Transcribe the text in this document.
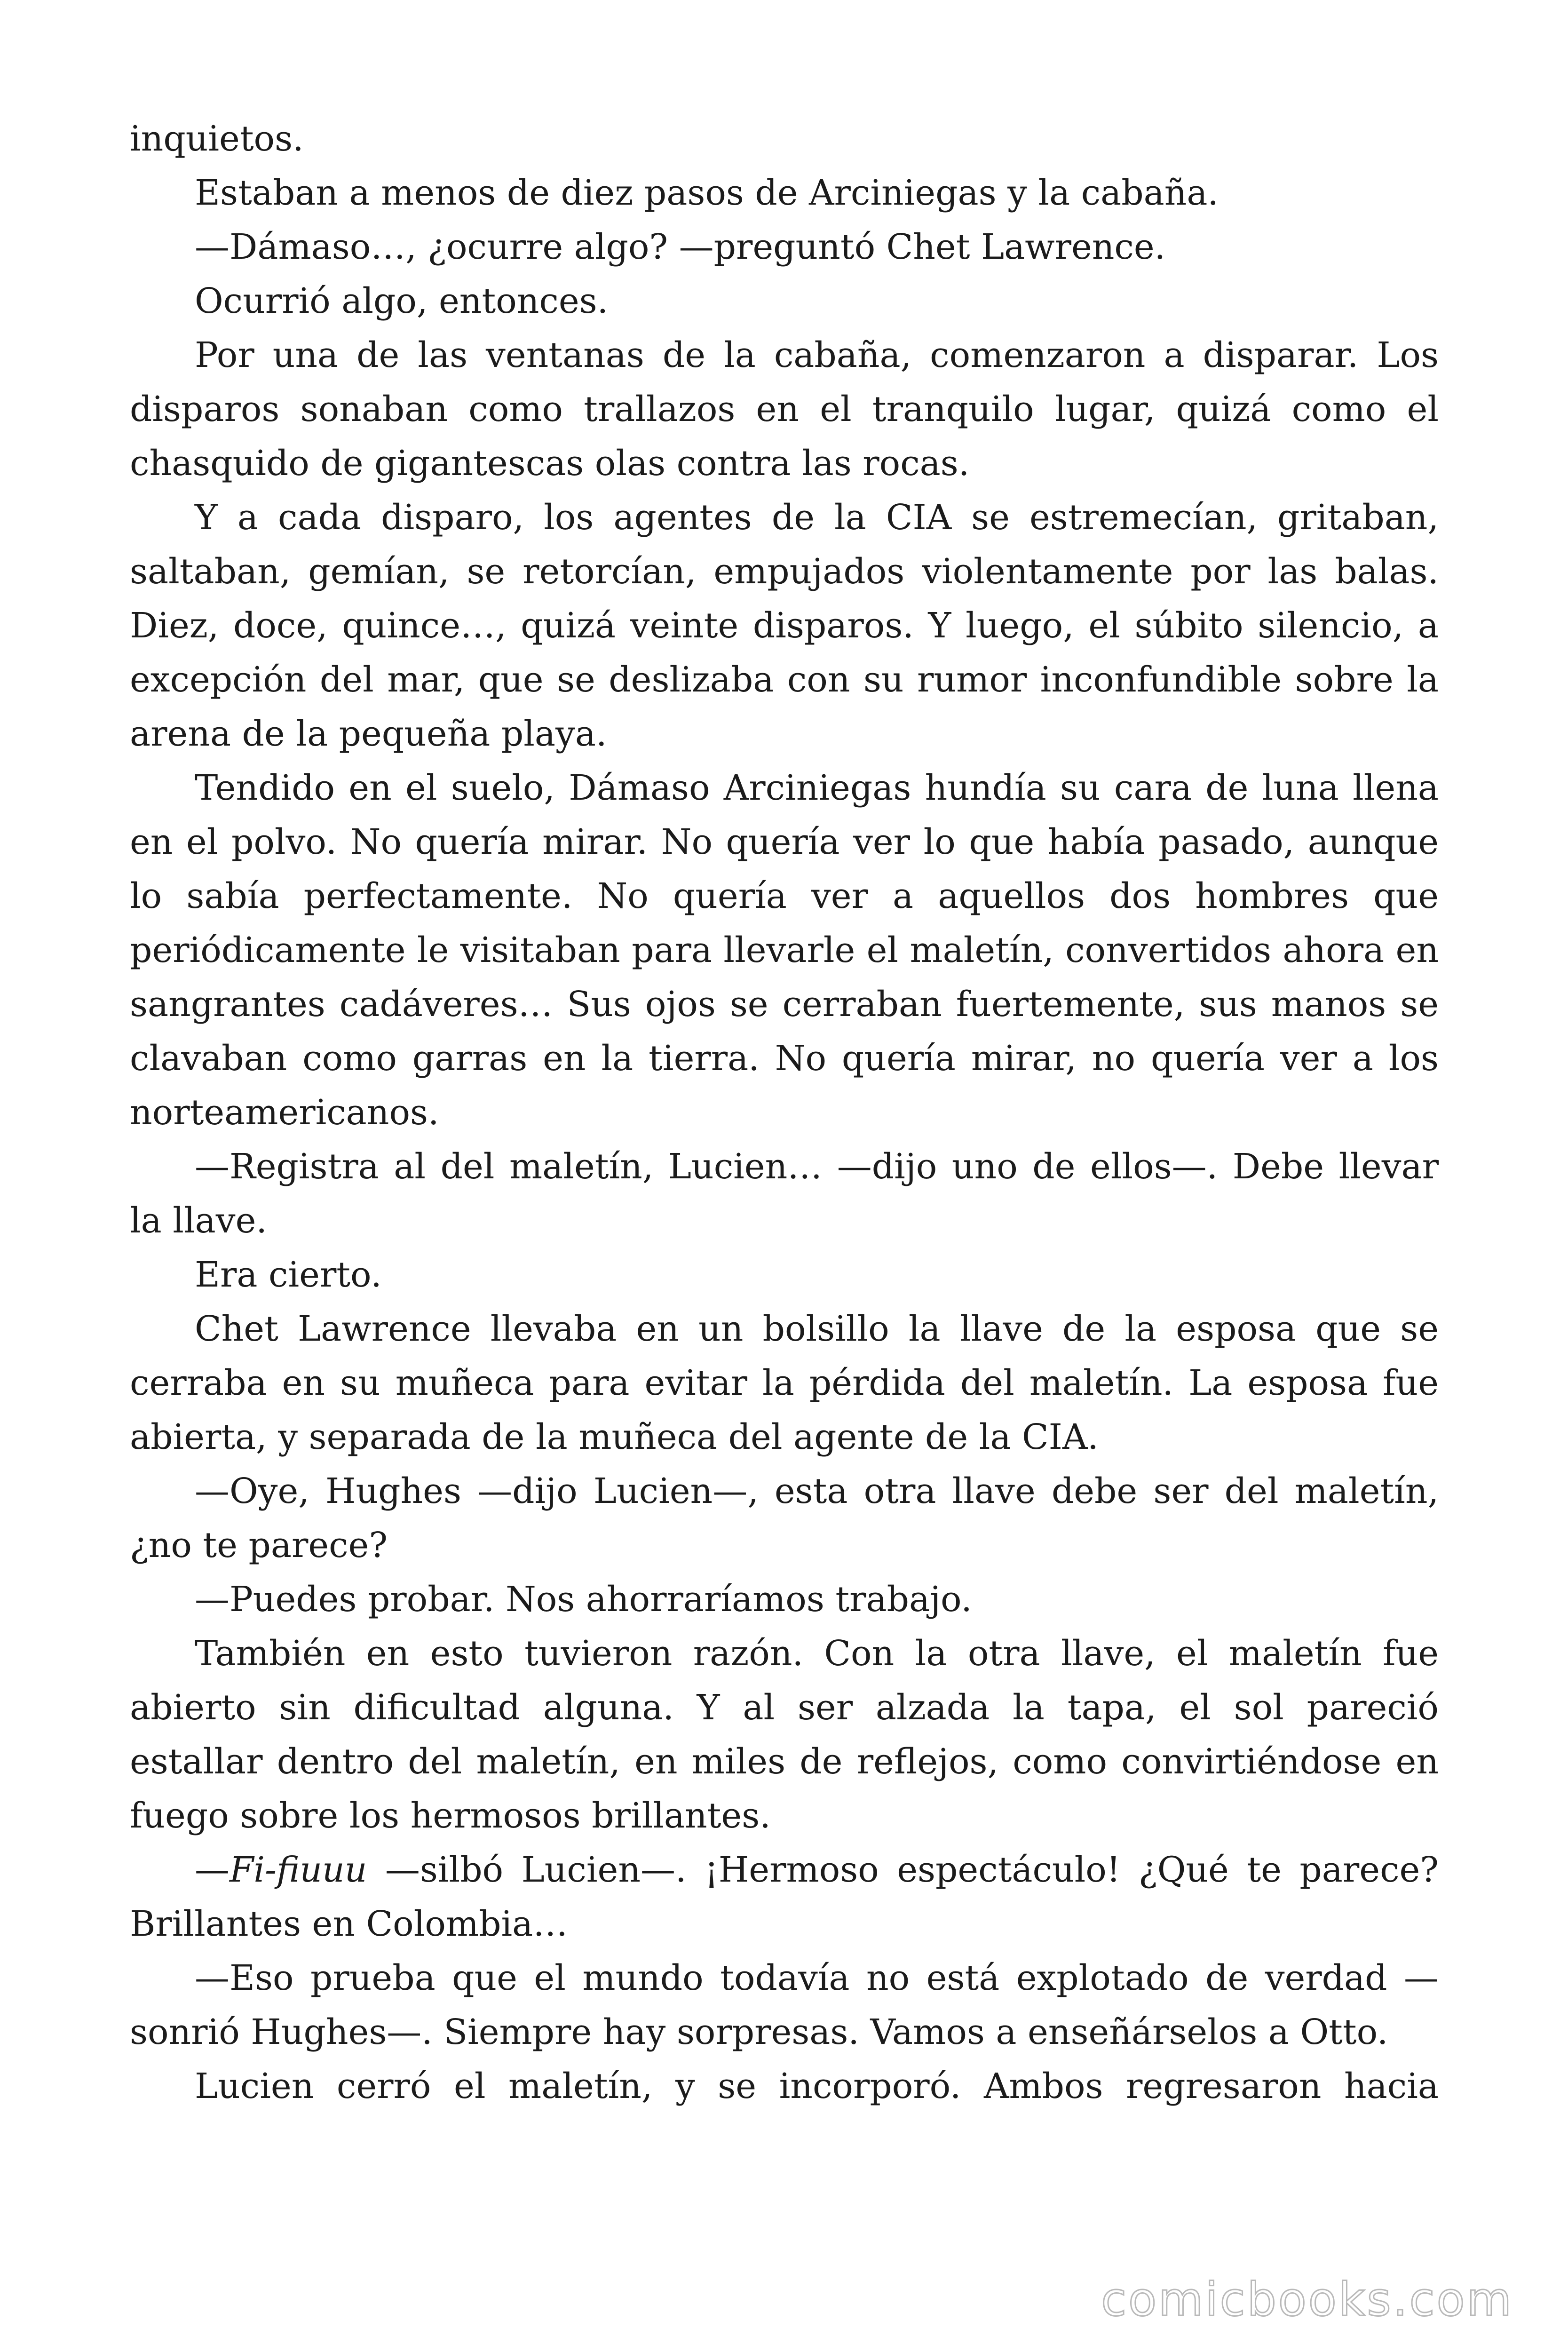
inquietos.

Estaban a menos de diez pasos de Arciniegas y la cabaña.

—Dámaso…, ¿ocurre algo? —preguntó Chet Lawrence.

Ocurrió algo, entonces.

Por una de las ventanas de la cabaña, comenzaron a disparar. Los disparos sonaban como trallazos en el tranquilo lugar, quizá como el chasquido de gigantescas olas contra las rocas.

Y a cada disparo, los agentes de la CIA se estremecían, gritaban, saltaban, gemían, se retorcían, empujados violentamente por las balas. Diez, doce, quince…, quizá veinte disparos. Y luego, el súbito silencio, a excepción del mar, que se deslizaba con su rumor inconfundible sobre la arena de la pequeña playa.

Tendido en el suelo, Dámaso Arciniegas hundía su cara de luna llena en el polvo. No quería mirar. No quería ver lo que había pasado, aunque lo sabía perfectamente. No quería ver a aquellos dos hombres que periódicamente le visitaban para llevarle el maletín, convertidos ahora en sangrantes cadáveres… Sus ojos se cerraban fuertemente, sus manos se clavaban como garras en la tierra. No quería mirar, no quería ver a los norteamericanos.

—Registra al del maletín, Lucien… —dijo uno de ellos—. Debe llevar la llave.

Era cierto.

Chet Lawrence llevaba en un bolsillo la llave de la esposa que se cerraba en su muñeca para evitar la pérdida del maletín. La esposa fue abierta, y separada de la muñeca del agente de la CIA.

—Oye, Hughes —dijo Lucien—, esta otra llave debe ser del maletín, ¿no te parece?

—Puedes probar. Nos ahorraríamos trabajo.

También en esto tuvieron razón. Con la otra llave, el maletín fue abierto sin dificultad alguna. Y al ser alzada la tapa, el sol pareció estallar dentro del maletín, en miles de reflejos, como convirtiéndose en fuego sobre los hermosos brillantes.

—Fi-fiuuu —silbó Lucien—. ¡Hermoso espectáculo! ¿Qué te parece? Brillantes en Colombia…

—Eso prueba que el mundo todavía no está explotado de verdad —sonrió Hughes—. Siempre hay sorpresas. Vamos a enseñárselos a Otto.

Lucien cerró el maletín, y se incorporó. Ambos regresaron hacia

comicbooks.com
